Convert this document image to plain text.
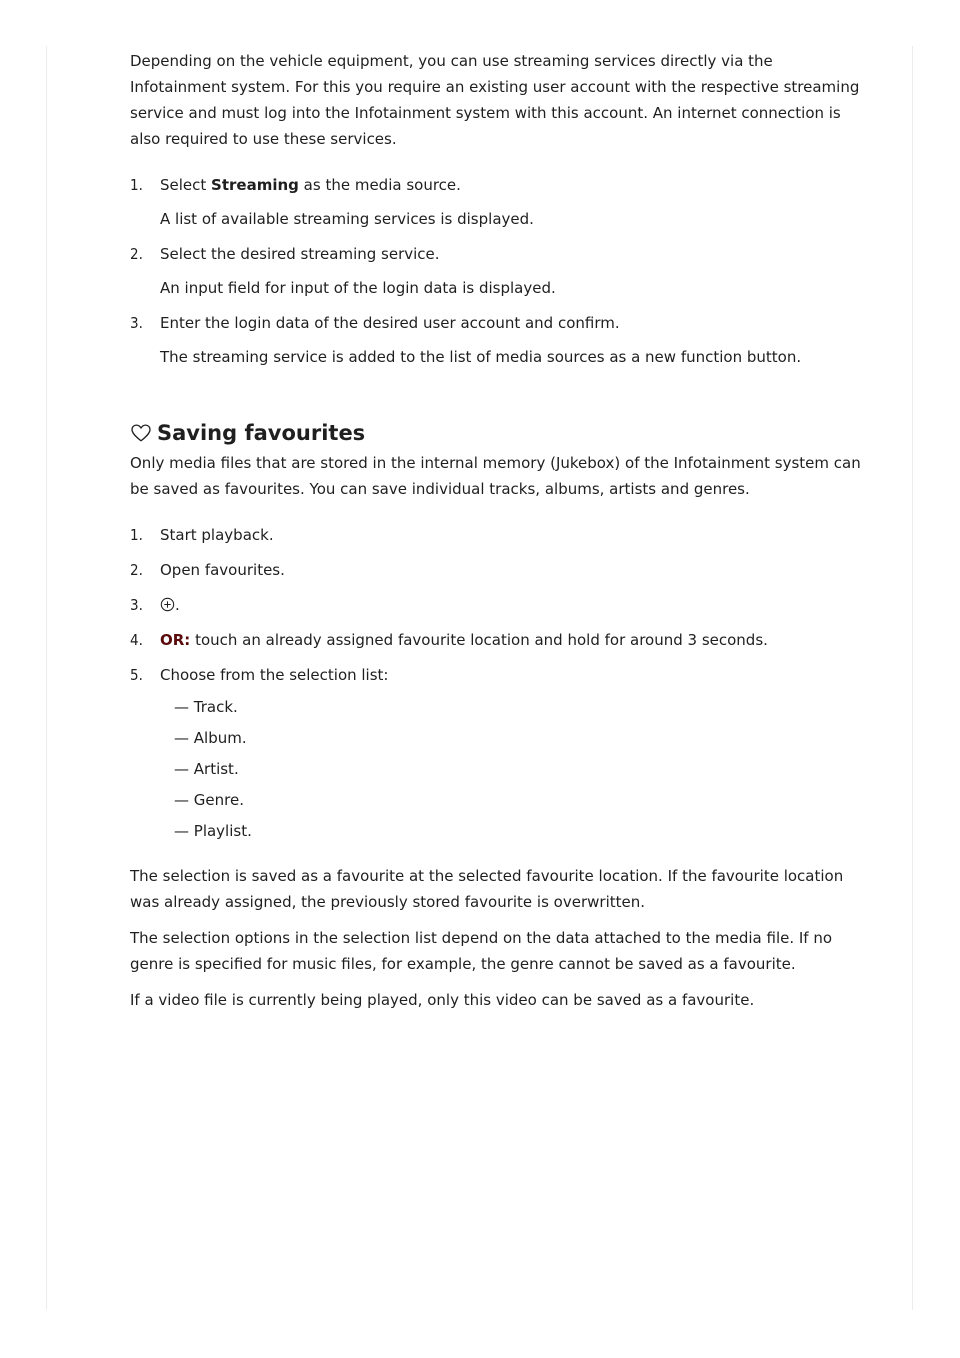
Depending on the vehicle equipment, you can use streaming services directly via the Infotainment system. For this you require an existing user account with the respective streaming service and must log into the Infotainment system with this account. An internet connection is also required to use these services.

1. Select Streaming as the media source.
A list of available streaming services is displayed.
2. Select the desired streaming service.
An input field for input of the login data is displayed.
3. Enter the login data of the desired user account and confirm.
The streaming service is added to the list of media sources as a new function button.
Saving favourites

Only media files that are stored in the internal memory (Jukebox) of the Infotainment system can be saved as favourites. You can save individual tracks, albums, artists and genres.

1. Start playback.
2. Open favourites.
3.	.
4. OR: touch an already assigned favourite location and hold for around 3 seconds.
5. Choose from the selection list:
— Track.
— Album.
— Artist.
— Genre.
— Playlist.

The selection is saved as a favourite at the selected favourite location. If the favourite location was already assigned, the previously stored favourite is overwritten.

The selection options in the selection list depend on the data attached to the media file. If no genre is specified for music files, for example, the genre cannot be saved as a favourite.

If a video file is currently being played, only this video can be saved as a favourite.
